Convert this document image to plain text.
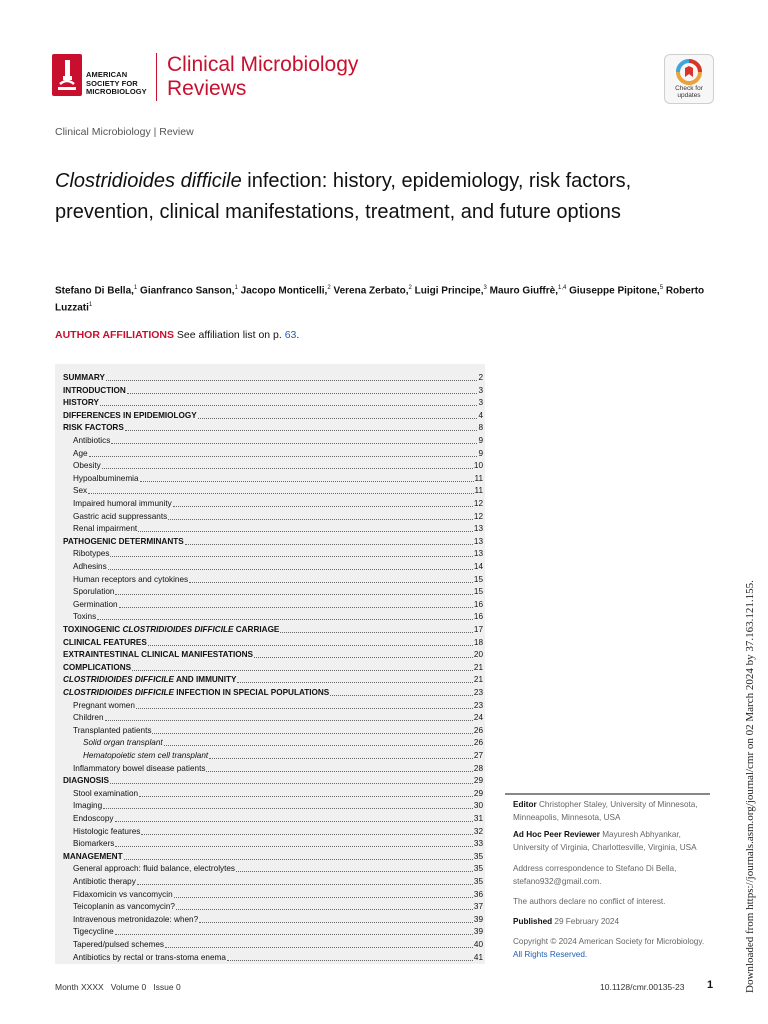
AMERICAN
SOCIETY FOR
MICROBIOLOGY
Clinical Microbiology
Reviews	Check for
updates
Clinical Microbiology | Review
Clostridioides difficile infection: history, epidemiology, risk factors, prevention, clinical manifestations, treatment, and future options
Stefano Di Bella,$^1$ Gianfranco Sanson,$^1$ Jacopo Monticelli,$^2$ Verena Zerbato,$^2$ Luigi Principe,$^3$ Mauro Giuffrè,$^{1,4}$ Giuseppe Pipitone,$^5$ Roberto Luzzati$^1$
AUTHOR AFFILIATIONS See affiliation list on p. 63.
SUMMARY	2
INTRODUCTION	3
HISTORY	3
DIFFERENCES IN EPIDEMIOLOGY	4
RISK FACTORS	8
Antibiotics	9
Age	9
Obesity	10
Hypoalbuminemia	11
Sex	11
Impaired humoral immunity	12
Gastric acid suppressants	12
Renal impairment	13
PATHOGENIC DETERMINANTS	13
Ribotypes	13
Adhesins	14
Human receptors and cytokines	15
Sporulation	15
Germination	16
Toxins	16
TOXINOGENIC CLOSTRIDIOIDES DIFFICILE CARRIAGE	17
CLINICAL FEATURES	18
EXTRAINTESTINAL CLINICAL MANIFESTATIONS	20
COMPLICATIONS	21
CLOSTRIDIOIDES DIFFICILE AND IMMUNITY	21
CLOSTRIDIOIDES DIFFICILE INFECTION IN SPECIAL POPULATIONS	23
Pregnant women	23
Children	24
Transplanted patients	26
Solid organ transplant	26
Hematopoietic stem cell transplant	27
Inflammatory bowel disease patients	28
DIAGNOSIS	29
Stool examination	29
Imaging	30
Endoscopy	31
Histologic features	32
Biomarkers	33
MANAGEMENT	35
General approach: fluid balance, electrolytes	35
Antibiotic therapy	35
Fidaxomicin vs vancomycin	36
Teicoplanin as vancomycin?	37
Intravenous metronidazole: when?	39
Tigecycline	39
Tapered/pulsed schemes	40
Antibiotics by rectal or trans-stoma enema	41
Editor Christopher Staley, University of Minnesota, Minneapolis, Minnesota, USA
Ad Hoc Peer Reviewer Mayuresh Abhyankar, University of Virginia, Charlottesville, Virginia, USA
Address correspondence to Stefano Di Bella, stefano932@gmail.com.
The authors declare no conflict of interest.
Published 29 February 2024
Copyright © 2024 American Society for Microbiology. All Rights Reserved.	Downloaded from https://journals.asm.org/journal/cmr on 02 March 2024 by 37.163.121.155.
Month XXXX   Volume 0   Issue 0	10.1128/cmr.00135-23 1
